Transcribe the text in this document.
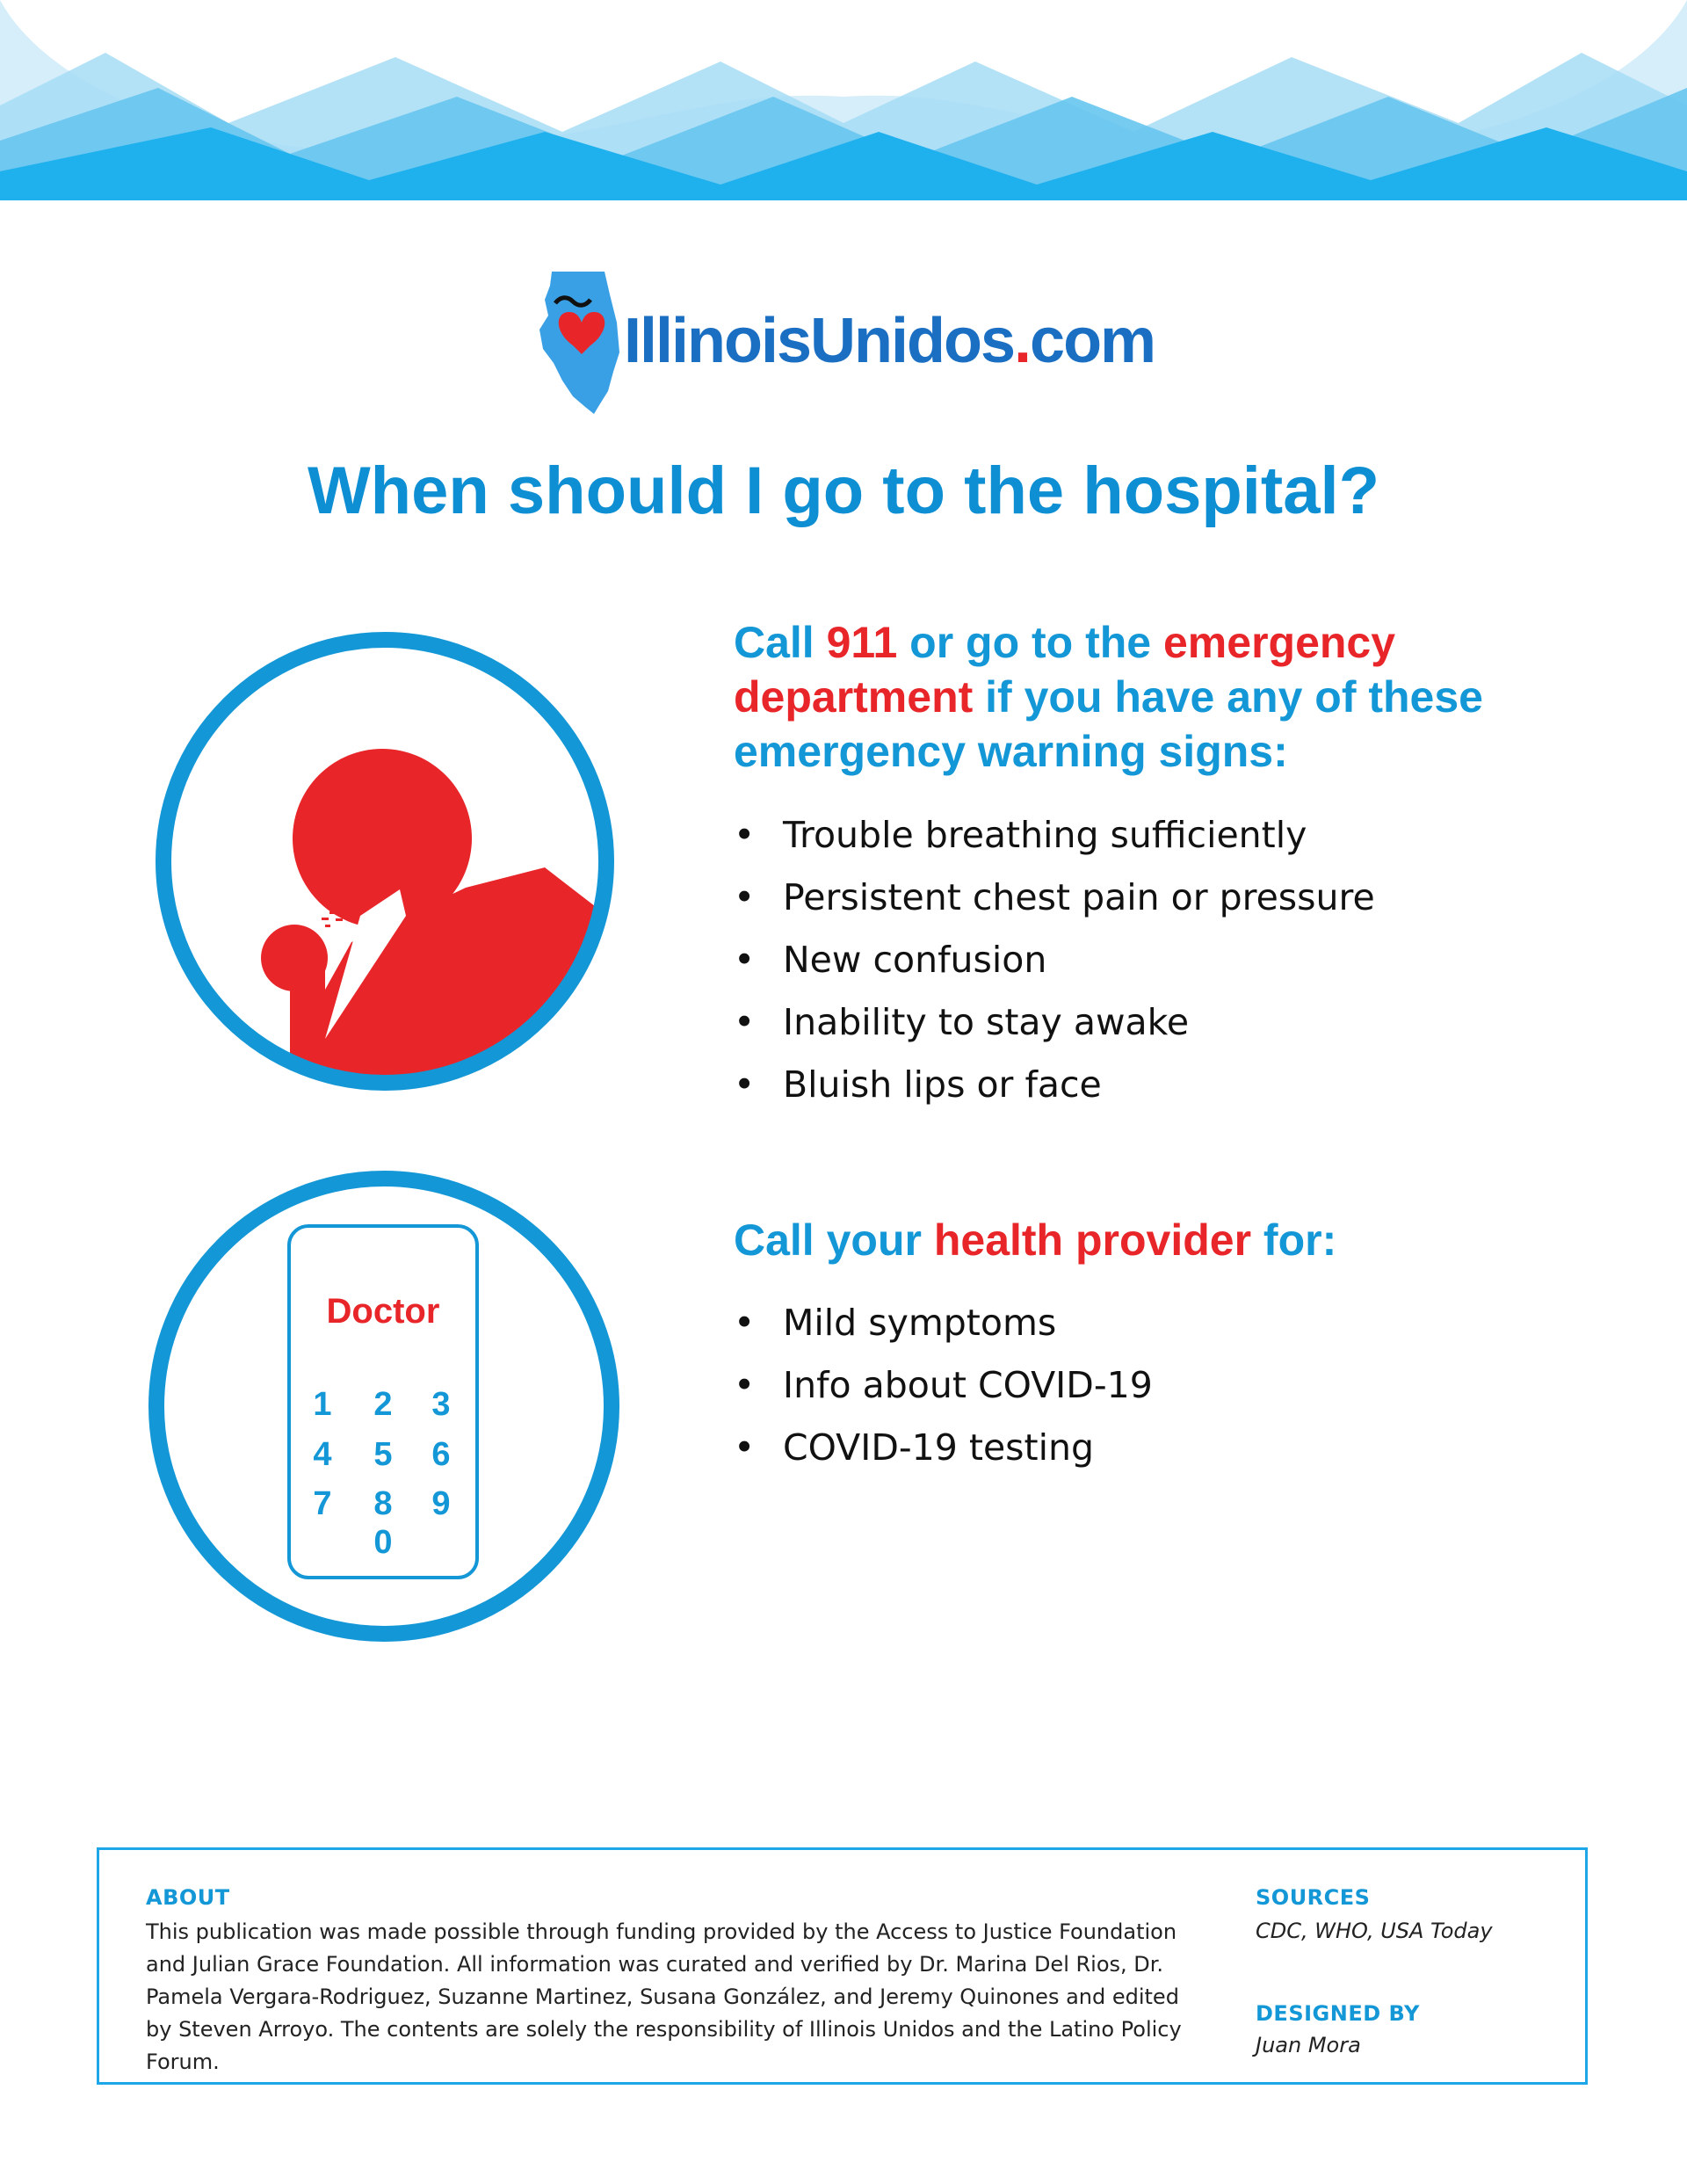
IllinoisUnidos.com
When should I go to the hospital?
Call 911 or go to the emergency
department if you have any of these
emergency warning signs:
• Trouble breathing sufficiently
• Persistent chest pain or pressure
• New confusion
• Inability to stay awake
• Bluish lips or face
Doctor
1 2 3
4 5 6
7 8 9
0
Call your health provider for:
• Mild symptoms
• Info about COVID-19
• COVID-19 testing
ABOUT
This publication was made possible through funding provided by the Access to Justice Foundation and Julian Grace Foundation. All information was curated and verified by Dr. Marina Del Rios, Dr. Pamela Vergara-Rodriguez, Suzanne Martinez, Susana González, and Jeremy Quinones and edited by Steven Arroyo. The contents are solely the responsibility of Illinois Unidos and the Latino Policy Forum.
SOURCES
CDC, WHO, USA Today
DESIGNED BY
Juan Mora
